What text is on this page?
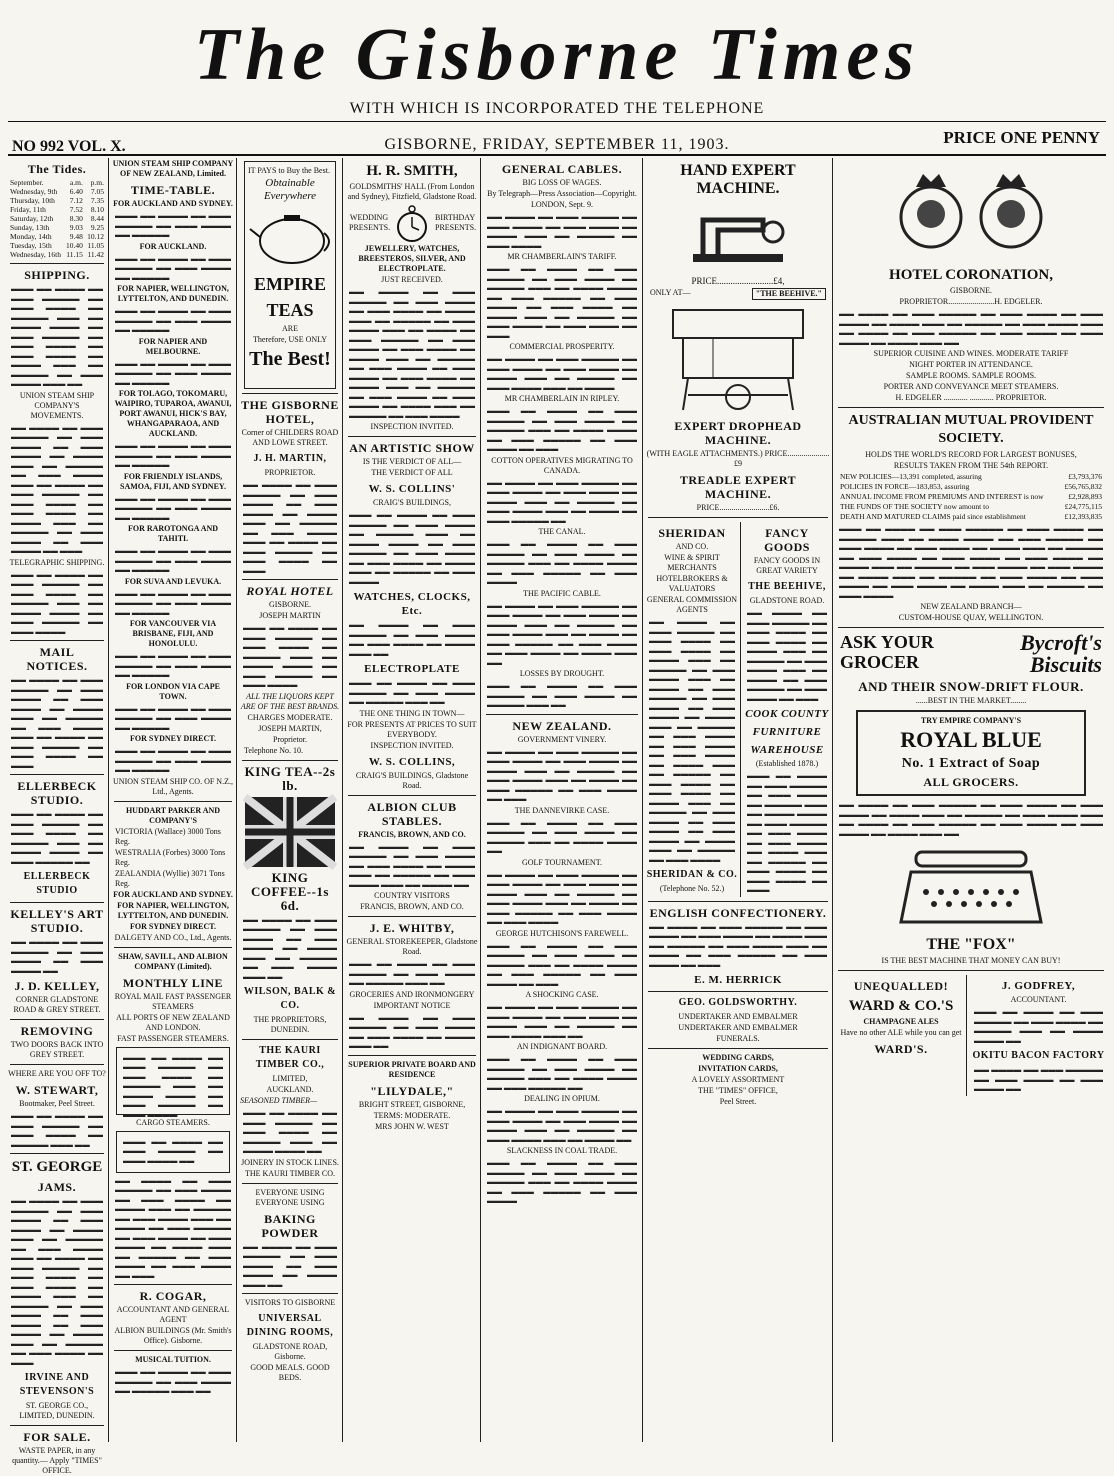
The Gisborne Times
WITH WHICH IS INCORPORATED THE TELEPHONE
NO 992 VOL. X.	GISBORNE, FRIDAY, SEPTEMBER 11, 1903.	PRICE ONE PENNY
The Tides.
September.	a.m.	p.m.
Wednesday, 9th	6.40	7.05
Thursday, 10th	7.12	7.35
Friday, 11th	7.52	8.10
Saturday, 12th	8.30	8.44
Sunday, 13th	9.03	9.25
Monday, 14th	9.48	10.12
Tuesday, 15th	10.40	11.05
Wednesday, 16th	11.15	11.42
SHIPPING.
▬▬▬ ▬▬ ▬▬▬▬ ▬▬ ▬▬▬ ▬▬▬▬▬ ▬▬ ▬▬▬ ▬▬▬▬ ▬▬ ▬▬▬▬▬ ▬▬▬ ▬▬ ▬▬▬▬ ▬▬▬▬ ▬▬ ▬▬▬ ▬▬▬▬▬ ▬▬ ▬▬▬ ▬▬▬▬ ▬▬ ▬▬▬ ▬▬▬▬ ▬▬ ▬▬▬▬ ▬▬▬ ▬▬ ▬▬▬▬▬ ▬▬ ▬▬▬ ▬▬▬▬ ▬▬▬ ▬▬
UNION STEAM SHIP COMPANY'S MOVEMENTS.
▬▬ ▬▬▬▬ ▬▬ ▬▬▬ ▬▬▬▬▬ ▬▬ ▬▬▬ ▬▬▬▬ ▬▬ ▬▬▬ ▬▬▬▬ ▬▬ ▬▬▬▬ ▬▬▬ ▬▬ ▬▬▬▬▬ ▬▬ ▬▬▬ ▬▬▬▬ ▬▬▬ ▬▬ ▬▬▬▬ ▬▬ ▬▬▬ ▬▬▬▬▬ ▬▬ ▬▬▬ ▬▬▬▬ ▬▬ ▬▬▬ ▬▬▬▬ ▬▬ ▬▬▬▬ ▬▬▬ ▬▬ ▬▬▬▬▬ ▬▬ ▬▬▬ ▬▬▬▬ ▬▬ ▬▬▬ ▬▬▬▬ ▬▬ ▬▬▬
TELEGRAPHIC SHIPPING.
▬▬▬ ▬▬ ▬▬▬▬ ▬▬ ▬▬▬ ▬▬▬▬▬ ▬▬ ▬▬▬ ▬▬▬▬ ▬▬ ▬▬▬▬▬ ▬▬▬ ▬▬ ▬▬▬▬ ▬▬▬▬ ▬▬ ▬▬▬ ▬▬▬▬▬ ▬▬ ▬▬▬ ▬▬▬▬
MAIL NOTICES.
▬▬ ▬▬▬▬ ▬▬ ▬▬▬ ▬▬▬▬▬ ▬▬ ▬▬▬ ▬▬▬▬ ▬▬ ▬▬▬ ▬▬▬▬ ▬▬ ▬▬▬▬ ▬▬▬ ▬▬ ▬▬▬▬▬ ▬▬ ▬▬▬ ▬▬▬▬ ▬▬▬ ▬▬ ▬▬▬▬ ▬▬ ▬▬▬ ▬▬▬▬▬ ▬▬ ▬▬▬ ▬▬▬▬ ▬▬ ▬▬▬
ELLERBECK STUDIO.
▬▬▬ ▬▬ ▬▬▬▬ ▬▬ ▬▬▬ ▬▬▬▬▬ ▬▬ ▬▬▬ ▬▬▬▬ ▬▬ ▬▬▬▬▬ ▬▬▬ ▬▬ ▬▬▬▬ ▬▬▬▬ ▬▬ ▬▬▬ ▬▬▬▬▬ ▬▬
ELLERBECK STUDIO
KELLEY'S ART STUDIO.
▬▬ ▬▬▬▬ ▬▬ ▬▬▬ ▬▬▬▬▬ ▬▬ ▬▬▬ ▬▬▬▬ ▬▬ ▬▬▬ ▬▬▬▬ ▬▬
J. D. KELLEY,
CORNER GLADSTONE ROAD & GREY STREET.
REMOVING
TWO DOORS BACK INTO GREY STREET.
WHERE ARE YOU OFF TO?
W. STEWART,
Bootmaker, Peel Street.
▬▬▬ ▬▬ ▬▬▬▬ ▬▬ ▬▬▬ ▬▬▬▬▬ ▬▬ ▬▬▬ ▬▬▬▬ ▬▬ ▬▬▬▬▬ ▬▬▬ ▬▬
ST. GEORGE
JAMS.
▬▬ ▬▬▬▬ ▬▬ ▬▬▬ ▬▬▬▬▬ ▬▬ ▬▬▬ ▬▬▬▬ ▬▬ ▬▬▬ ▬▬▬▬ ▬▬ ▬▬▬▬ ▬▬▬ ▬▬ ▬▬▬▬▬ ▬▬ ▬▬▬ ▬▬▬▬ ▬▬▬ ▬▬ ▬▬▬▬ ▬▬ ▬▬▬ ▬▬▬▬▬ ▬▬ ▬▬▬ ▬▬▬▬ ▬▬ ▬▬▬ ▬▬▬▬ ▬▬ ▬▬▬▬ ▬▬▬ ▬▬ ▬▬▬▬▬ ▬▬ ▬▬▬ ▬▬▬▬ ▬▬ ▬▬▬ ▬▬▬▬ ▬▬ ▬▬▬ ▬▬▬▬ ▬▬ ▬▬▬▬ ▬▬▬ ▬▬ ▬▬▬▬▬ ▬▬ ▬▬▬ ▬▬▬▬ ▬▬ ▬▬▬
IRVINE AND STEVENSON'S
ST. GEORGE CO., LIMITED, DUNEDIN.
FOR SALE.
WASTE PAPER, in any quantity.— Apply "TIMES" OFFICE.
UNION STEAM SHIP COMPANY OF NEW ZEALAND, Limited.
TIME-TABLE.
FOR AUCKLAND AND SYDNEY.
▬▬▬ ▬▬ ▬▬▬▬ ▬▬ ▬▬▬ ▬▬▬▬▬ ▬▬ ▬▬▬ ▬▬▬▬ ▬▬ ▬▬▬▬▬
FOR AUCKLAND.
▬▬▬ ▬▬ ▬▬▬▬ ▬▬ ▬▬▬ ▬▬▬▬▬ ▬▬ ▬▬▬ ▬▬▬▬ ▬▬ ▬▬▬▬▬
FOR NAPIER, WELLINGTON, LYTTELTON, AND DUNEDIN.
▬▬▬ ▬▬ ▬▬▬▬ ▬▬ ▬▬▬ ▬▬▬▬▬ ▬▬ ▬▬▬ ▬▬▬▬ ▬▬ ▬▬▬▬▬
FOR NAPIER AND MELBOURNE.
▬▬▬ ▬▬ ▬▬▬▬ ▬▬ ▬▬▬ ▬▬▬▬▬ ▬▬ ▬▬▬ ▬▬▬▬ ▬▬ ▬▬▬▬▬
FOR TOLAGO, TOKOMARU, WAIPIRO, TUPAROA, AWANUI, PORT AWANUI, HICK'S BAY, WHANGAPARAOA, AND AUCKLAND.
▬▬▬ ▬▬ ▬▬▬▬ ▬▬ ▬▬▬ ▬▬▬▬▬ ▬▬ ▬▬▬ ▬▬▬▬ ▬▬ ▬▬▬▬▬
FOR FRIENDLY ISLANDS, SAMOA, FIJI, AND SYDNEY.
▬▬▬ ▬▬ ▬▬▬▬ ▬▬ ▬▬▬ ▬▬▬▬▬ ▬▬ ▬▬▬ ▬▬▬▬ ▬▬ ▬▬▬▬▬
FOR RAROTONGA AND TAHITI.
▬▬▬ ▬▬ ▬▬▬▬ ▬▬ ▬▬▬ ▬▬▬▬▬ ▬▬ ▬▬▬ ▬▬▬▬ ▬▬ ▬▬▬▬▬
FOR SUVA AND LEVUKA.
▬▬▬ ▬▬ ▬▬▬▬ ▬▬ ▬▬▬ ▬▬▬▬▬ ▬▬ ▬▬▬ ▬▬▬▬ ▬▬ ▬▬▬▬▬
FOR VANCOUVER VIA BRISBANE, FIJI, AND HONOLULU.
▬▬▬ ▬▬ ▬▬▬▬ ▬▬ ▬▬▬ ▬▬▬▬▬ ▬▬ ▬▬▬ ▬▬▬▬ ▬▬ ▬▬▬▬▬
FOR LONDON VIA CAPE TOWN.
▬▬▬ ▬▬ ▬▬▬▬ ▬▬ ▬▬▬ ▬▬▬▬▬ ▬▬ ▬▬▬ ▬▬▬▬ ▬▬ ▬▬▬▬▬
FOR SYDNEY DIRECT.
▬▬▬ ▬▬ ▬▬▬▬ ▬▬ ▬▬▬ ▬▬▬▬▬ ▬▬ ▬▬▬ ▬▬▬▬ ▬▬ ▬▬▬▬▬
UNION STEAM SHIP CO. OF N.Z., Ltd., Agents.
HUDDART PARKER AND COMPANY'S
VICTORIA (Wallace) 3000 Tons Reg.
WESTRALIA (Forbes) 3000 Tons Reg.
ZEALANDIA (Wyllie) 3071 Tons Reg.
FOR AUCKLAND AND SYDNEY.
FOR NAPIER, WELLINGTON, LYTTELTON, AND DUNEDIN.
FOR SYDNEY DIRECT.
DALGETY AND CO., Ltd., Agents.
SHAW, SAVILL, AND ALBION COMPANY (Limited).
MONTHLY LINE
ROYAL MAIL FAST PASSENGER STEAMERS
ALL PORTS OF NEW ZEALAND AND LONDON.
FAST PASSENGER STEAMERS.
▬▬▬ ▬▬ ▬▬▬▬ ▬▬ ▬▬▬ ▬▬▬▬▬ ▬▬ ▬▬▬ ▬▬▬▬ ▬▬ ▬▬▬▬▬ ▬▬▬ ▬▬ ▬▬▬▬ ▬▬▬▬ ▬▬ ▬▬▬ ▬▬▬▬▬ ▬▬ ▬▬▬ ▬▬▬▬
CARGO STEAMERS.
▬▬▬ ▬▬ ▬▬▬▬ ▬▬ ▬▬▬ ▬▬▬▬▬ ▬▬ ▬▬▬ ▬▬▬▬ ▬▬
▬▬ ▬▬▬▬ ▬▬ ▬▬▬ ▬▬▬▬▬ ▬▬ ▬▬▬ ▬▬▬▬ ▬▬ ▬▬▬ ▬▬▬▬ ▬▬ ▬▬▬▬ ▬▬▬ ▬▬ ▬▬▬▬▬ ▬▬ ▬▬▬ ▬▬▬▬ ▬▬▬ ▬▬ ▬▬▬▬ ▬▬ ▬▬▬ ▬▬▬▬▬ ▬▬ ▬▬▬ ▬▬▬▬ ▬▬ ▬▬▬ ▬▬▬▬ ▬▬ ▬▬▬▬ ▬▬▬ ▬▬ ▬▬▬▬▬ ▬▬ ▬▬▬ ▬▬▬▬ ▬▬ ▬▬▬ ▬▬▬▬ ▬▬ ▬▬▬
R. COGAR,
ACCOUNTANT AND GENERAL AGENT
ALBION BUILDINGS (Mr. Smith's Office). Gisborne.
MUSICAL TUITION.
▬▬▬ ▬▬ ▬▬▬▬ ▬▬ ▬▬▬ ▬▬▬▬▬ ▬▬ ▬▬▬ ▬▬▬▬ ▬▬ ▬▬▬▬▬ ▬▬▬ ▬▬
IT PAYS to Buy the Best.
Obtainable Everywhere
EMPIRE TEAS
ARE
Therefore, USE ONLY
The Best!
THE GISBORNE HOTEL,
Corner of CHILDERS ROAD AND LOWE STREET.
J. H. MARTIN,
PROPRIETOR.
▬▬ ▬▬▬▬ ▬▬ ▬▬▬ ▬▬▬▬▬ ▬▬ ▬▬▬ ▬▬▬▬ ▬▬ ▬▬▬ ▬▬▬▬ ▬▬ ▬▬▬▬ ▬▬▬ ▬▬ ▬▬▬▬▬ ▬▬ ▬▬▬ ▬▬▬▬ ▬▬▬ ▬▬ ▬▬▬▬ ▬▬ ▬▬▬ ▬▬▬▬▬ ▬▬ ▬▬▬ ▬▬▬▬ ▬▬ ▬▬▬
ROYAL HOTEL
GISBORNE.
JOSEPH MARTIN
▬▬▬ ▬▬ ▬▬▬▬ ▬▬ ▬▬▬ ▬▬▬▬▬ ▬▬ ▬▬▬ ▬▬▬▬ ▬▬ ▬▬▬▬▬ ▬▬▬ ▬▬ ▬▬▬▬ ▬▬▬▬ ▬▬ ▬▬▬ ▬▬▬▬▬ ▬▬ ▬▬▬ ▬▬▬▬
ALL THE LIQUORS KEPT ARE OF THE BEST BRANDS.
CHARGES MODERATE.
JOSEPH MARTIN,
Proprietor.
Telephone No. 10.
KING TEA--2s lb.
KING COFFEE--1s 6d.
▬▬ ▬▬▬▬ ▬▬ ▬▬▬ ▬▬▬▬▬ ▬▬ ▬▬▬ ▬▬▬▬ ▬▬ ▬▬▬ ▬▬▬▬ ▬▬ ▬▬▬▬ ▬▬▬ ▬▬ ▬▬▬▬▬ ▬▬ ▬▬▬ ▬▬▬▬ ▬▬▬ ▬▬
WILSON, BALK & CO.
THE PROPRIETORS, DUNEDIN.
THE KAURI TIMBER CO.,
LIMITED,
AUCKLAND.
SEASONED TIMBER—
▬▬▬ ▬▬ ▬▬▬▬ ▬▬ ▬▬▬ ▬▬▬▬▬ ▬▬ ▬▬▬ ▬▬▬▬ ▬▬ ▬▬▬▬▬ ▬▬▬ ▬▬ ▬▬▬▬ ▬▬▬▬ ▬▬
JOINERY IN STOCK LINES.
THE KAURI TIMBER CO.
EVERYONE USING EVERYONE USING
BAKING POWDER
▬▬ ▬▬▬▬ ▬▬ ▬▬▬ ▬▬▬▬▬ ▬▬ ▬▬▬ ▬▬▬▬ ▬▬ ▬▬▬ ▬▬▬▬ ▬▬ ▬▬▬▬ ▬▬▬ ▬▬
VISITORS TO GISBORNE
UNIVERSAL DINING ROOMS,
GLADSTONE ROAD, Gisborne.
GOOD MEALS. GOOD BEDS.
H. R. SMITH,
GOLDSMITHS' HALL (From London and Sydney), Fitzfield, Gladstone Road.
WEDDING PRESENTS.
BIRTHDAY PRESENTS.
JEWELLERY, WATCHES, BREESTEROS, SILVER, AND ELECTROPLATE.
JUST RECEIVED.
▬▬ ▬▬▬▬ ▬▬ ▬▬▬ ▬▬▬▬▬ ▬▬ ▬▬▬ ▬▬▬▬ ▬▬ ▬▬▬ ▬▬▬▬ ▬▬ ▬▬▬▬ ▬▬▬ ▬▬ ▬▬▬▬▬ ▬▬ ▬▬▬ ▬▬▬▬ ▬▬▬ ▬▬ ▬▬▬▬ ▬▬ ▬▬▬ ▬▬▬▬▬ ▬▬ ▬▬▬ ▬▬▬▬ ▬▬ ▬▬▬ ▬▬▬▬ ▬▬ ▬▬▬▬ ▬▬▬ ▬▬ ▬▬▬▬▬ ▬▬ ▬▬▬ ▬▬▬▬ ▬▬ ▬▬▬ ▬▬▬▬ ▬▬ ▬▬▬ ▬▬▬▬ ▬▬ ▬▬▬▬ ▬▬▬ ▬▬ ▬▬▬▬▬ ▬▬ ▬▬▬ ▬▬▬▬ ▬▬ ▬▬▬ ▬▬▬▬ ▬▬ ▬▬▬▬ ▬▬▬ ▬▬ ▬▬▬▬▬ ▬▬ ▬▬▬ ▬▬▬▬
INSPECTION INVITED.
AN ARTISTIC SHOW
IS THE VERDICT OF ALL—
THE VERDICT OF ALL
W. S. COLLINS'
CRAIG'S BUILDINGS,
▬▬▬ ▬▬ ▬▬▬▬ ▬▬ ▬▬▬ ▬▬▬▬▬ ▬▬ ▬▬▬ ▬▬▬▬ ▬▬ ▬▬▬▬▬ ▬▬▬ ▬▬ ▬▬▬▬ ▬▬▬▬ ▬▬ ▬▬▬ ▬▬▬▬▬ ▬▬ ▬▬▬ ▬▬▬▬ ▬▬ ▬▬▬ ▬▬▬▬ ▬▬ ▬▬▬▬ ▬▬▬ ▬▬ ▬▬▬▬▬ ▬▬ ▬▬▬ ▬▬▬▬
WATCHES, CLOCKS, Etc.
▬▬ ▬▬▬▬ ▬▬ ▬▬▬ ▬▬▬▬▬ ▬▬ ▬▬▬ ▬▬▬▬ ▬▬ ▬▬▬ ▬▬▬▬ ▬▬ ▬▬▬▬ ▬▬▬ ▬▬
ELECTROPLATE
▬▬▬ ▬▬ ▬▬▬▬ ▬▬ ▬▬▬ ▬▬▬▬▬ ▬▬ ▬▬▬ ▬▬▬▬ ▬▬ ▬▬▬▬▬ ▬▬▬ ▬▬
THE ONE THING IN TOWN—
FOR PRESENTS AT PRICES TO SUIT EVERYBODY.
INSPECTION INVITED.
W. S. COLLINS,
CRAIG'S BUILDINGS, Gladstone Road.
ALBION CLUB STABLES.
FRANCIS, BROWN, AND CO.
▬▬ ▬▬▬▬ ▬▬ ▬▬▬ ▬▬▬▬▬ ▬▬ ▬▬▬ ▬▬▬▬ ▬▬ ▬▬▬ ▬▬▬▬ ▬▬ ▬▬▬▬ ▬▬▬ ▬▬ ▬▬▬▬▬ ▬▬ ▬▬▬ ▬▬▬▬ ▬▬▬ ▬▬ ▬▬▬▬ ▬▬
COUNTRY VISITORS
FRANCIS, BROWN, AND CO.
J. E. WHITBY,
GENERAL STOREKEEPER, Gladstone Road.
▬▬▬ ▬▬ ▬▬▬▬ ▬▬ ▬▬▬ ▬▬▬▬▬ ▬▬ ▬▬▬ ▬▬▬▬ ▬▬ ▬▬▬▬▬ ▬▬▬ ▬▬
GROCERIES AND IRONMONGERY
IMPORTANT NOTICE
▬▬ ▬▬▬▬ ▬▬ ▬▬▬ ▬▬▬▬▬ ▬▬ ▬▬▬ ▬▬▬▬ ▬▬ ▬▬▬ ▬▬▬▬ ▬▬ ▬▬▬▬ ▬▬▬ ▬▬
SUPERIOR PRIVATE BOARD AND RESIDENCE
"LILYDALE,"
BRIGHT STREET, GISBORNE,
TERMS: MODERATE.
MRS JOHN W. WEST
GENERAL CABLES.
BIG LOSS OF WAGES.
By Telegraph—Press Association—Copyright.
LONDON, Sept. 9.
▬▬ ▬▬▬▬ ▬▬ ▬▬▬ ▬▬▬▬▬ ▬▬ ▬▬▬ ▬▬▬▬ ▬▬ ▬▬▬ ▬▬▬▬ ▬▬ ▬▬▬▬ ▬▬▬ ▬▬ ▬▬▬▬▬ ▬▬ ▬▬▬ ▬▬▬▬
MR CHAMBERLAIN'S TARIFF.
▬▬▬ ▬▬ ▬▬▬▬ ▬▬ ▬▬▬ ▬▬▬▬▬ ▬▬ ▬▬▬ ▬▬▬▬ ▬▬ ▬▬▬▬▬ ▬▬▬ ▬▬ ▬▬▬▬ ▬▬▬▬ ▬▬ ▬▬▬ ▬▬▬▬▬ ▬▬ ▬▬▬ ▬▬▬▬ ▬▬ ▬▬▬ ▬▬▬▬ ▬▬ ▬▬▬▬ ▬▬▬ ▬▬ ▬▬▬▬▬ ▬▬ ▬▬▬ ▬▬▬▬ ▬▬ ▬▬▬ ▬▬▬▬ ▬▬ ▬▬▬
COMMERCIAL PROSPERITY.
▬▬ ▬▬▬▬ ▬▬ ▬▬▬ ▬▬▬▬▬ ▬▬ ▬▬▬ ▬▬▬▬ ▬▬ ▬▬▬ ▬▬▬▬ ▬▬ ▬▬▬▬ ▬▬▬ ▬▬ ▬▬▬▬▬ ▬▬ ▬▬▬ ▬▬▬▬ ▬▬▬ ▬▬ ▬▬▬▬
MR CHAMBERLAIN IN RIPLEY.
▬▬▬ ▬▬ ▬▬▬▬ ▬▬ ▬▬▬ ▬▬▬▬▬ ▬▬ ▬▬▬ ▬▬▬▬ ▬▬ ▬▬▬▬▬ ▬▬▬ ▬▬ ▬▬▬▬ ▬▬▬▬ ▬▬ ▬▬▬ ▬▬▬▬▬ ▬▬ ▬▬▬ ▬▬▬▬ ▬▬ ▬▬▬
COTTON OPERATIVES MIGRATING TO CANADA.
▬▬ ▬▬▬▬ ▬▬ ▬▬▬ ▬▬▬▬▬ ▬▬ ▬▬▬ ▬▬▬▬ ▬▬ ▬▬▬ ▬▬▬▬ ▬▬ ▬▬▬▬ ▬▬▬ ▬▬ ▬▬▬▬▬ ▬▬ ▬▬▬ ▬▬▬▬ ▬▬▬ ▬▬ ▬▬▬▬ ▬▬ ▬▬▬ ▬▬▬▬▬ ▬▬
THE CANAL.
▬▬▬ ▬▬ ▬▬▬▬ ▬▬ ▬▬▬ ▬▬▬▬▬ ▬▬ ▬▬▬ ▬▬▬▬ ▬▬ ▬▬▬▬▬ ▬▬▬ ▬▬ ▬▬▬▬ ▬▬▬▬ ▬▬ ▬▬▬ ▬▬▬▬▬ ▬▬ ▬▬▬ ▬▬▬▬
THE PACIFIC CABLE.
▬▬ ▬▬▬▬ ▬▬ ▬▬▬ ▬▬▬▬▬ ▬▬ ▬▬▬ ▬▬▬▬ ▬▬ ▬▬▬ ▬▬▬▬ ▬▬ ▬▬▬▬ ▬▬▬ ▬▬ ▬▬▬▬▬ ▬▬ ▬▬▬ ▬▬▬▬ ▬▬▬ ▬▬ ▬▬▬▬ ▬▬ ▬▬▬ ▬▬▬▬▬ ▬▬ ▬▬▬ ▬▬▬▬ ▬▬ ▬▬▬ ▬▬▬▬ ▬▬ ▬▬▬▬ ▬▬▬ ▬▬
LOSSES BY DROUGHT.
▬▬▬ ▬▬ ▬▬▬▬ ▬▬ ▬▬▬ ▬▬▬▬▬ ▬▬ ▬▬▬ ▬▬▬▬ ▬▬ ▬▬▬▬▬ ▬▬▬ ▬▬
NEW ZEALAND.
GOVERNMENT VINERY.
▬▬ ▬▬▬▬ ▬▬ ▬▬▬ ▬▬▬▬▬ ▬▬ ▬▬▬ ▬▬▬▬ ▬▬ ▬▬▬ ▬▬▬▬ ▬▬ ▬▬▬▬ ▬▬▬ ▬▬ ▬▬▬▬▬ ▬▬ ▬▬▬ ▬▬▬▬ ▬▬▬ ▬▬ ▬▬▬▬ ▬▬ ▬▬▬ ▬▬▬▬▬ ▬▬ ▬▬▬ ▬▬▬▬ ▬▬ ▬▬▬
THE DANNEVIRKE CASE.
▬▬▬ ▬▬ ▬▬▬▬ ▬▬ ▬▬▬ ▬▬▬▬▬ ▬▬ ▬▬▬ ▬▬▬▬ ▬▬ ▬▬▬▬▬ ▬▬▬ ▬▬ ▬▬▬▬ ▬▬▬▬ ▬▬
GOLF TOURNAMENT.
▬▬ ▬▬▬▬ ▬▬ ▬▬▬ ▬▬▬▬▬ ▬▬ ▬▬▬ ▬▬▬▬ ▬▬ ▬▬▬ ▬▬▬▬ ▬▬ ▬▬▬▬ ▬▬▬ ▬▬ ▬▬▬▬▬ ▬▬ ▬▬▬ ▬▬▬▬ ▬▬▬ ▬▬ ▬▬▬▬ ▬▬ ▬▬▬ ▬▬▬▬▬ ▬▬ ▬▬▬ ▬▬▬▬ ▬▬ ▬▬▬ ▬▬▬▬
GEORGE HUTCHISON'S FAREWELL.
▬▬▬ ▬▬ ▬▬▬▬ ▬▬ ▬▬▬ ▬▬▬▬▬ ▬▬ ▬▬▬ ▬▬▬▬ ▬▬ ▬▬▬▬▬ ▬▬▬ ▬▬ ▬▬▬▬ ▬▬▬▬ ▬▬ ▬▬▬ ▬▬▬▬▬ ▬▬ ▬▬▬ ▬▬▬▬ ▬▬ ▬▬▬
A SHOCKING CASE.
▬▬ ▬▬▬▬ ▬▬ ▬▬▬ ▬▬▬▬▬ ▬▬ ▬▬▬ ▬▬▬▬ ▬▬ ▬▬▬ ▬▬▬▬ ▬▬ ▬▬▬▬ ▬▬▬ ▬▬ ▬▬▬▬▬ ▬▬ ▬▬▬ ▬▬▬▬ ▬▬▬ ▬▬
AN INDIGNANT BOARD.
▬▬▬ ▬▬ ▬▬▬▬ ▬▬ ▬▬▬ ▬▬▬▬▬ ▬▬ ▬▬▬ ▬▬▬▬ ▬▬ ▬▬▬▬▬ ▬▬▬ ▬▬ ▬▬▬▬ ▬▬▬▬ ▬▬ ▬▬▬ ▬▬▬▬▬ ▬▬
DEALING IN OPIUM.
▬▬ ▬▬▬▬ ▬▬ ▬▬▬ ▬▬▬▬▬ ▬▬ ▬▬▬ ▬▬▬▬ ▬▬ ▬▬▬ ▬▬▬▬ ▬▬ ▬▬▬▬ ▬▬▬ ▬▬ ▬▬▬▬▬ ▬▬ ▬▬▬ ▬▬▬▬ ▬▬▬ ▬▬ ▬▬▬▬ ▬▬
SLACKNESS IN COAL TRADE.
▬▬▬ ▬▬ ▬▬▬▬ ▬▬ ▬▬▬ ▬▬▬▬▬ ▬▬ ▬▬▬ ▬▬▬▬ ▬▬ ▬▬▬▬▬ ▬▬▬ ▬▬ ▬▬▬▬ ▬▬▬▬ ▬▬ ▬▬▬ ▬▬▬▬▬ ▬▬ ▬▬▬ ▬▬▬▬
HAND EXPERT MACHINE.
PRICE.........................£4,
ONLY AT—	"THE BEEHIVE."
EXPERT DROPHEAD MACHINE.
(WITH EAGLE ATTACHMENTS.) PRICE.....................£9
TREADLE EXPERT MACHINE.
PRICE.........................£6.
SHERIDAN
AND CO.
WINE & SPIRIT MERCHANTS
HOTELBROKERS & VALUATORS
GENERAL COMMISSION AGENTS
▬▬ ▬▬▬▬ ▬▬ ▬▬▬ ▬▬▬▬▬ ▬▬ ▬▬▬ ▬▬▬▬ ▬▬ ▬▬▬ ▬▬▬▬ ▬▬ ▬▬▬▬ ▬▬▬ ▬▬ ▬▬▬▬▬ ▬▬ ▬▬▬ ▬▬▬▬ ▬▬▬ ▬▬ ▬▬▬▬ ▬▬ ▬▬▬ ▬▬▬▬▬ ▬▬ ▬▬▬ ▬▬▬▬ ▬▬ ▬▬▬ ▬▬▬▬ ▬▬ ▬▬▬▬ ▬▬▬ ▬▬ ▬▬▬▬▬ ▬▬ ▬▬▬ ▬▬▬▬ ▬▬ ▬▬▬ ▬▬▬▬ ▬▬ ▬▬▬ ▬▬▬▬ ▬▬ ▬▬▬▬ ▬▬▬ ▬▬ ▬▬▬▬▬ ▬▬ ▬▬▬ ▬▬▬▬ ▬▬ ▬▬▬ ▬▬▬▬ ▬▬ ▬▬▬▬ ▬▬▬ ▬▬ ▬▬▬▬▬ ▬▬ ▬▬▬ ▬▬▬▬ ▬▬ ▬▬▬ ▬▬▬▬ ▬▬ ▬▬▬ ▬▬▬▬ ▬▬ ▬▬▬▬ ▬▬▬ ▬▬ ▬▬▬▬▬ ▬▬ ▬▬▬ ▬▬▬▬
SHERIDAN & CO.
(Telephone No. 52.)
FANCY GOODS
FANCY GOODS IN GREAT VARIETY
THE BEEHIVE,
GLADSTONE ROAD.
▬▬ ▬▬▬▬ ▬▬ ▬▬▬ ▬▬▬▬▬ ▬▬ ▬▬▬ ▬▬▬▬ ▬▬ ▬▬▬ ▬▬▬▬ ▬▬ ▬▬▬▬ ▬▬▬ ▬▬ ▬▬▬▬▬ ▬▬ ▬▬▬ ▬▬▬▬ ▬▬▬ ▬▬ ▬▬▬▬ ▬▬ ▬▬▬ ▬▬▬▬▬ ▬▬ ▬▬▬ ▬▬▬▬ ▬▬ ▬▬▬
COOK COUNTY
FURNITURE
WAREHOUSE
(Established 1878.)
▬▬▬ ▬▬ ▬▬▬▬ ▬▬ ▬▬▬ ▬▬▬▬▬ ▬▬ ▬▬▬ ▬▬▬▬ ▬▬ ▬▬▬▬▬ ▬▬▬ ▬▬ ▬▬▬▬ ▬▬▬▬ ▬▬ ▬▬▬ ▬▬▬▬▬ ▬▬ ▬▬▬ ▬▬▬▬ ▬▬ ▬▬▬ ▬▬▬▬ ▬▬ ▬▬▬▬ ▬▬▬ ▬▬ ▬▬▬▬▬ ▬▬ ▬▬▬ ▬▬▬▬ ▬▬ ▬▬▬ ▬▬▬▬ ▬▬ ▬▬▬
ENGLISH CONFECTIONERY.
▬▬ ▬▬▬▬ ▬▬ ▬▬▬ ▬▬▬▬▬ ▬▬ ▬▬▬ ▬▬▬▬ ▬▬ ▬▬▬ ▬▬▬▬ ▬▬ ▬▬▬▬ ▬▬▬ ▬▬ ▬▬▬▬▬ ▬▬ ▬▬▬ ▬▬▬▬ ▬▬▬ ▬▬ ▬▬▬▬ ▬▬ ▬▬▬ ▬▬▬▬▬ ▬▬ ▬▬▬ ▬▬▬▬ ▬▬ ▬▬▬
E. M. HERRICK
GEO. GOLDSWORTHY.
UNDERTAKER AND EMBALMER
UNDERTAKER AND EMBALMER
FUNERALS.
WEDDING CARDS,
INVITATION CARDS,
A LOVELY ASSORTMENT
THE "TIMES" OFFICE,
Peel Street.
HOTEL CORONATION,
GISBORNE.
PROPRIETOR.......................H. EDGELER.
▬▬ ▬▬▬▬ ▬▬ ▬▬▬ ▬▬▬▬▬ ▬▬ ▬▬▬ ▬▬▬▬ ▬▬ ▬▬▬ ▬▬▬▬ ▬▬ ▬▬▬▬ ▬▬▬ ▬▬ ▬▬▬▬▬ ▬▬ ▬▬▬ ▬▬▬▬ ▬▬▬ ▬▬ ▬▬▬▬ ▬▬ ▬▬▬ ▬▬▬▬▬ ▬▬ ▬▬▬ ▬▬▬▬ ▬▬ ▬▬▬ ▬▬▬▬ ▬▬ ▬▬▬▬ ▬▬▬ ▬▬
SUPERIOR CUISINE AND WINES. MODERATE TARIFF
NIGHT PORTER IN ATTENDANCE.
SAMPLE ROOMS. SAMPLE ROOMS.
PORTER AND CONVEYANCE MEET STEAMERS.
H. EDGELER ............ ............ PROPRIETOR.
AUSTRALIAN MUTUAL PROVIDENT SOCIETY.
HOLDS THE WORLD'S RECORD FOR LARGEST BONUSES,
RESULTS TAKEN FROM THE 54th REPORT.
NEW POLICIES—13,391 completed, assuring	£3,793,376
POLICIES IN FORCE—183,853, assuring	£56,765,832
ANNUAL INCOME FROM PREMIUMS AND INTEREST is now	£2,928,893
THE FUNDS OF THE SOCIETY now amount to	£24,775,115
DEATH AND MATURED CLAIMS paid since establishment	£12,393,835
▬▬▬ ▬▬ ▬▬▬▬ ▬▬ ▬▬▬ ▬▬▬▬▬ ▬▬ ▬▬▬ ▬▬▬▬ ▬▬ ▬▬▬▬▬ ▬▬▬ ▬▬ ▬▬▬▬ ▬▬▬▬ ▬▬ ▬▬▬ ▬▬▬▬▬ ▬▬ ▬▬▬ ▬▬▬▬ ▬▬ ▬▬▬ ▬▬▬▬ ▬▬ ▬▬▬▬ ▬▬▬ ▬▬ ▬▬▬▬▬ ▬▬ ▬▬▬ ▬▬▬▬ ▬▬ ▬▬▬ ▬▬▬▬ ▬▬ ▬▬▬ ▬▬▬▬ ▬▬ ▬▬▬▬ ▬▬▬ ▬▬ ▬▬▬▬▬ ▬▬ ▬▬▬ ▬▬▬▬ ▬▬ ▬▬▬ ▬▬▬▬ ▬▬ ▬▬▬▬ ▬▬▬ ▬▬ ▬▬▬▬▬ ▬▬ ▬▬▬ ▬▬▬▬ ▬▬ ▬▬▬ ▬▬▬▬ ▬▬ ▬▬▬ ▬▬▬▬ ▬▬ ▬▬▬▬ ▬▬▬ ▬▬ ▬▬▬▬▬ ▬▬ ▬▬▬ ▬▬▬▬
NEW ZEALAND BRANCH—
CUSTOM-HOUSE QUAY, WELLINGTON.
ASK YOUR
GROCER
Bycroft's
Biscuits
AND THEIR SNOW-DRIFT FLOUR.
......BEST IN THE MARKET........
TRY EMPIRE COMPANY'S
ROYAL BLUE
No. 1 Extract of Soap
ALL GROCERS.
▬▬ ▬▬▬▬ ▬▬ ▬▬▬ ▬▬▬▬▬ ▬▬ ▬▬▬ ▬▬▬▬ ▬▬ ▬▬▬ ▬▬▬▬ ▬▬ ▬▬▬▬ ▬▬▬ ▬▬ ▬▬▬▬▬ ▬▬ ▬▬▬ ▬▬▬▬ ▬▬▬ ▬▬ ▬▬▬▬ ▬▬ ▬▬▬ ▬▬▬▬▬ ▬▬ ▬▬▬ ▬▬▬▬ ▬▬ ▬▬▬ ▬▬▬▬ ▬▬ ▬▬▬▬ ▬▬▬ ▬▬
THE "FOX"
IS THE BEST MACHINE THAT MONEY CAN BUY!
UNEQUALLED!
WARD & CO.'S
CHAMPAGNE ALES
Have no other ALE while you can get
WARD'S.
J. GODFREY,
ACCOUNTANT.
▬▬▬ ▬▬ ▬▬▬▬ ▬▬ ▬▬▬ ▬▬▬▬▬ ▬▬ ▬▬▬ ▬▬▬▬ ▬▬ ▬▬▬▬▬ ▬▬▬ ▬▬ ▬▬▬▬ ▬▬▬▬ ▬▬
OKITU BACON FACTORY
▬▬ ▬▬▬▬ ▬▬ ▬▬▬ ▬▬▬▬▬ ▬▬ ▬▬▬ ▬▬▬▬ ▬▬ ▬▬▬ ▬▬▬▬ ▬▬
